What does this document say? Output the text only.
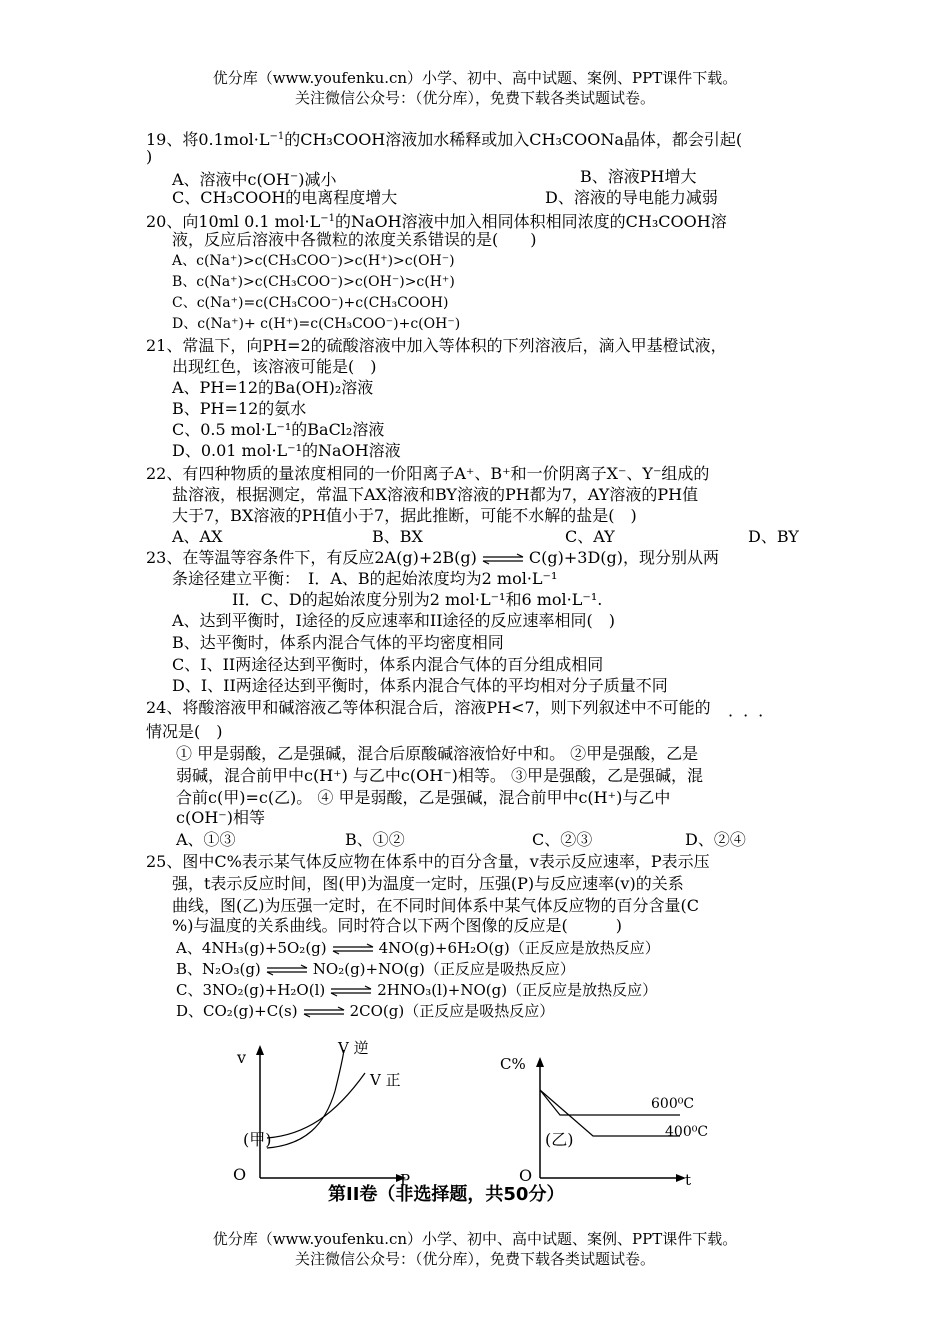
优分库（www.youfenku.cn）小学、初中、高中试题、案例、PPT课件下载。
关注微信公众号：（优分库），免费下载各类试题试卷。
19、将$0.1mol\cdot L^{-1}$的CH₃COOH溶液加水稀释或加入CH₃COONa晶体，都会引起(
)
A、溶液中c(OH−)减小	B、溶液PH增大
C、CH₃COOH的电离程度增大	D、溶液的导电能力减弱
20、向10ml 0.1 $mol\cdot L^{-1}$的NaOH溶液中加入相同体积相同浓度的CH₃COOH溶
液，反应后溶液中各微粒的浓度关系错误的是(　　)
A、c(Na⁺)>c(CH₃COO⁻)>c(H⁺)>c(OH⁻)
B、c(Na⁺)>c(CH₃COO⁻)>c(OH⁻)>c(H⁺)
C、c(Na⁺)=c(CH₃COO⁻)+c(CH₃COOH)
D、c(Na⁺)+ c(H⁺)=c(CH₃COO⁻)+c(OH⁻)
21、常温下，向PH=2的硫酸溶液中加入等体积的下列溶液后，滴入甲基橙试液，
出现红色，该溶液可能是(　)
A、PH=12的Ba(OH)₂溶液
B、PH=12的氨水
C、0.5 mol·L⁻¹的BaCl₂溶液
D、0.01 mol·L⁻¹的NaOH溶液
22、有四种物质的量浓度相同的一价阳离子A⁺、B⁺和一价阴离子X⁻、Y⁻组成的
盐溶液，根据测定，常温下AX溶液和BY溶液的PH都为7，AY溶液的PH值
大于7，BX溶液的PH值小于7，据此推断，可能不水解的盐是(　)
A、AX	B、BX	C、AY	D、BY
23、在等温等容条件下，有反应2A(g)+2B(g) ⇌ C(g)+3D(g)，现分别从两
条途径建立平衡：　I．A、B的起始浓度均为2 mol·L⁻¹
II．C、D的起始浓度分别为2 mol·L⁻¹和6 mol·L⁻¹.
A、达到平衡时，I途径的反应速率和II途径的反应速率相同(　)
B、达平衡时，体系内混合气体的平均密度相同
C、I、II两途径达到平衡时，体系内混合气体的百分组成相同
D、I、II两途径达到平衡时，体系内混合气体的平均相对分子质量不同
24、将酸溶液甲和碱溶液乙等体积混合后，溶液PH<7，则下列叙述中不可能的 ···
情况是(　)
① 甲是弱酸，乙是强碱，混合后原酸碱溶液恰好中和。 ②甲是强酸，乙是
弱碱，混合前甲中c(H⁺) 与乙中c(OH⁻)相等。 ③甲是强酸，乙是强碱，混
合前c(甲)=c(乙)。 ④ 甲是弱酸，乙是强碱，混合前甲中c(H⁺)与乙中
c(OH⁻)相等
A、①③	B、①②	C、②③	D、②④
25、图中C%表示某气体反应物在体系中的百分含量，v表示反应速率，P表示压
强，t表示反应时间，图(甲)为温度一定时，压强(P)与反应速率(v)的关系
曲线，图(乙)为压强一定时，在不同时间体系中某气体反应物的百分含量(C
%)与温度的关系曲线。同时符合以下两个图像的反应是(　　　)
A、4NH₃(g)+5O₂(g) ⇌ 4NO(g)+6H₂O(g)（正反应是放热反应）
B、N₂O₃(g) ⇌ NO₂(g)+NO(g)（正反应是吸热反应）
C、3NO₂(g)+H₂O(l) ⇌ 2HNO₃(l)+NO(g)（正反应是放热反应）
D、CO₂(g)+C(s) ⇌ 2CO(g)（正反应是吸热反应）
v
P
O
V 逆
V 正
(甲)
C%
t
O
600⁰C
400⁰C
(乙)
第II卷（非选择题，共50分）
优分库（www.youfenku.cn）小学、初中、高中试题、案例、PPT课件下载。
关注微信公众号：（优分库），免费下载各类试题试卷。
